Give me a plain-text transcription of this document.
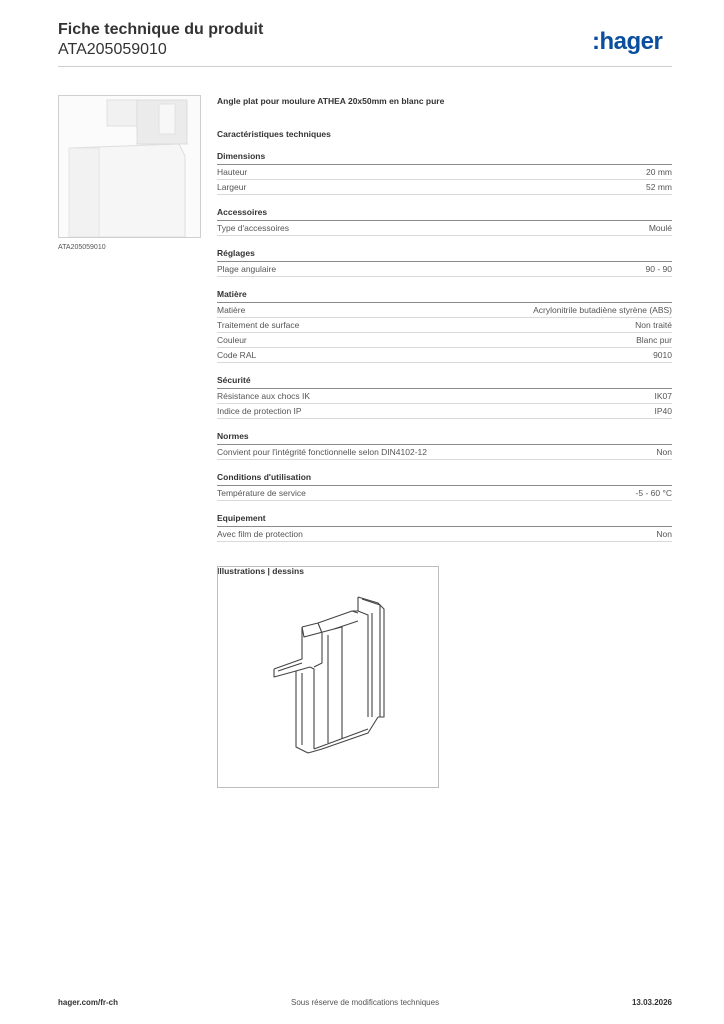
Fiche technique du produit
ATA205059010	:hager
ATA205059010
Angle plat pour moulure ATHEA 20x50mm en blanc pure
Caractéristiques techniques
Dimensions
Hauteur	20 mm
Largeur	52 mm
Accessoires
Type d'accessoires	Moulé
Réglages
Plage angulaire	90 - 90
Matière
Matière	Acrylonitrile butadiène styrène (ABS)
Traitement de surface	Non traité
Couleur	Blanc pur
Code RAL	9010
Sécurité
Résistance aux chocs IK	IK07
Indice de protection IP	IP40
Normes
Convient pour l'intégrité fonctionnelle selon DIN4102-12	Non
Conditions d'utilisation
Température de service	-5 - 60 °C
Equipement
Avec film de protection	Non
Illustrations | dessins
hager.com/fr-ch	Sous réserve de modifications techniques	13.03.2026
